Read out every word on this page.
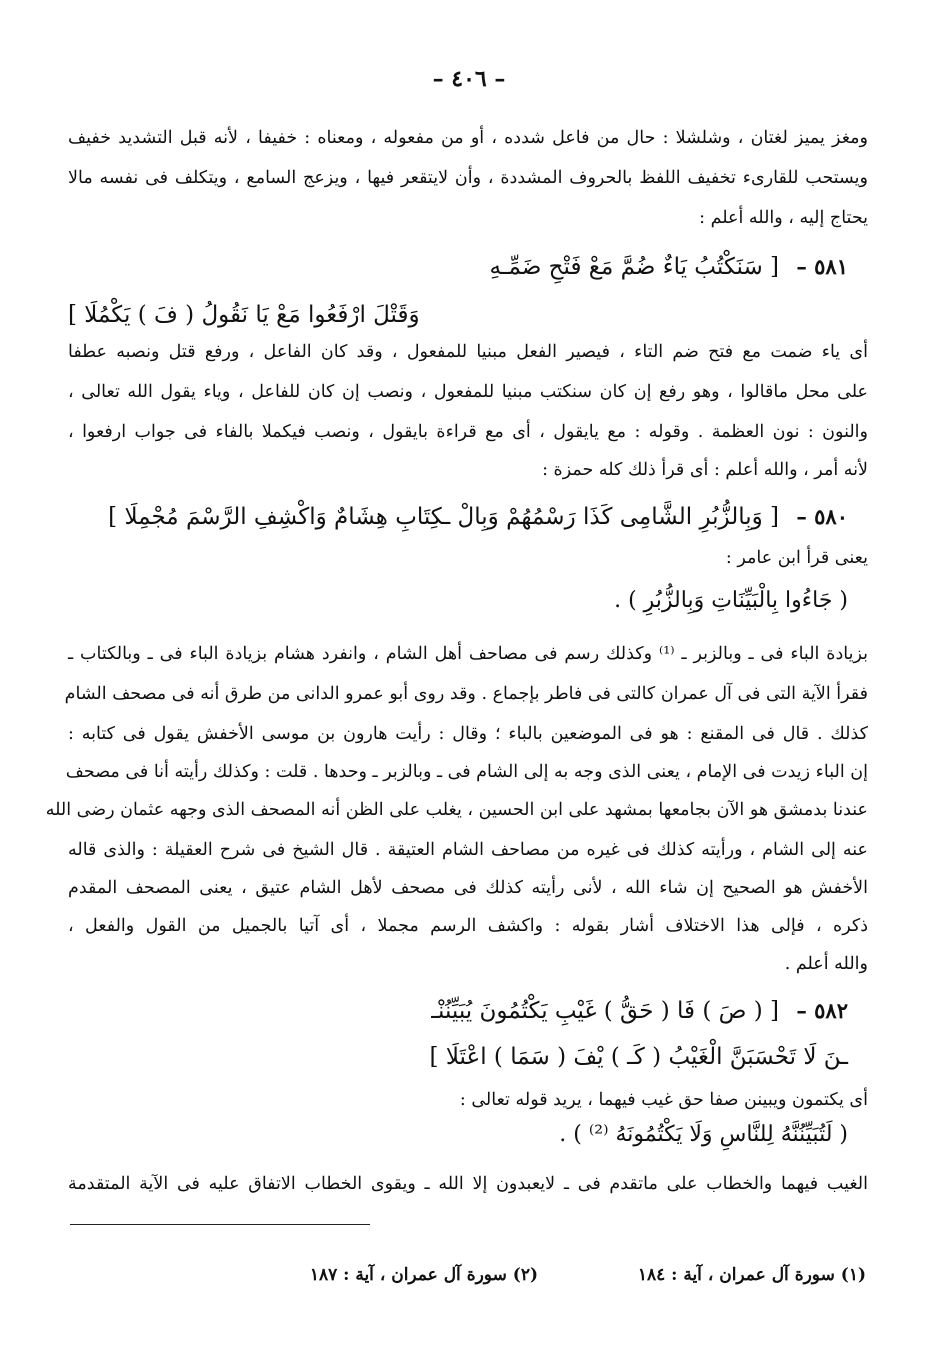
– ٤٠٦ –
ومغز يميز لغتان ، وشلشلا : حال من فاعل شدده ، أو من مفعوله ، ومعناه : خفيفا ، لأنه قبل التشديد خفيف
ويستحب للقارىء تخفيف اللفظ بالحروف المشددة ، وأن لايتقعر فيها ، ويزعج السامع ، ويتكلف فى نفسه مالا
يحتاج إليه ، والله أعلم :
٥٨١ – [ سَنَكْتُبُ يَاءٌ ضُمَّ مَعْ فَتْحِ ضَمِّـهِ
وَقَتْلَ ارْفَعُوا مَعْ يَا نَقُولُ ( فَ ) يَكْمُلَا ]
أى ياء ضمت مع فتح ضم التاء ، فيصير الفعل مبنيا للمفعول ، وقد كان الفاعل ، ورفع قتل ونصبه عطفا
على محل ماقالوا ، وهو رفع إن كان سنكتب مبنيا للمفعول ، ونصب إن كان للفاعل ، وياء يقول الله تعالى ،
والنون : نون العظمة . وقوله : مع يايقول ، أى مع قراءة بايقول ، ونصب فيكملا بالفاء فى جواب ارفعوا ،
لأنه أمر ، والله أعلم : أى قرأ ذلك كله حمزة :
٥٨٠ – [ وَبِالزُّبُرِ الشَّامِى كَذَا رَسْمُهُمْ وَبِالْ ـكِتَابِ هِشَامٌ وَاكْشِفِ الرَّسْمَ مُجْمِلَا ]
يعنى قرأ ابن عامر :
( جَاءُوا بِالْبَيِّنَاتِ وَبِالزُّبُرِ ) .
بزيادة الباء فى ـ وبالزبر ـ ⁽¹⁾ وكذلك رسم فى مصاحف أهل الشام ، وانفرد هشام بزيادة الباء فى ـ وبالكتاب ـ
فقرأ الآية التى فى آل عمران كالتى فى فاطر بإجماع . وقد روى أبو عمرو الدانى من طرق أنه فى مصحف الشام
كذلك . قال فى المقنع : هو فى الموضعين بالباء ؛ وقال : رأيت هارون بن موسى الأخفش يقول فى كتابه :
إن الباء زيدت فى الإمام ، يعنى الذى وجه به إلى الشام فى ـ وبالزبر ـ وحدها . قلت : وكذلك رأيته أنا فى مصحف
عندنا بدمشق هو الآن بجامعها بمشهد على ابن الحسين ، يغلب على الظن أنه المصحف الذى وجهه عثمان رضى الله
عنه إلى الشام ، ورأيته كذلك فى غيره من مصاحف الشام العتيقة . قال الشيخ فى شرح العقيلة : والذى قاله
الأخفش هو الصحيح إن شاء الله ، لأنى رأيته كذلك فى مصحف لأهل الشام عتيق ، يعنى المصحف المقدم
ذكره ، فإلى هذا الاختلاف أشار بقوله : واكشف الرسم مجملا ، أى آتيا بالجميل من القول والفعل ،
والله أعلم .
٥٨٢ – [ ( صَ ) فَا ( حَقُّ ) غَيْبِ يَكْتُمُونَ يُبَيِّنُنْـ
ـنَ لَا تَحْسَبَنَّ الْغَيْبُ ( كَـ ) يْفَ ( سَمَا ) اعْتَلَا ]
أى يكتمون ويبينن صفا حق غيب فيهما ، يريد قوله تعالى :
( لَتُبَيِّنُنَّهُ لِلنَّاسِ وَلَا يَكْتُمُونَهُ ⁽²⁾ ) .
الغيب فيهما والخطاب على ماتقدم فى ـ لايعبدون إلا الله ـ ويقوى الخطاب الاتفاق عليه فى الآية المتقدمة
(١) سورة آل عمران ، آية : ١٨٤
(٢) سورة آل عمران ، آية : ١٨٧
